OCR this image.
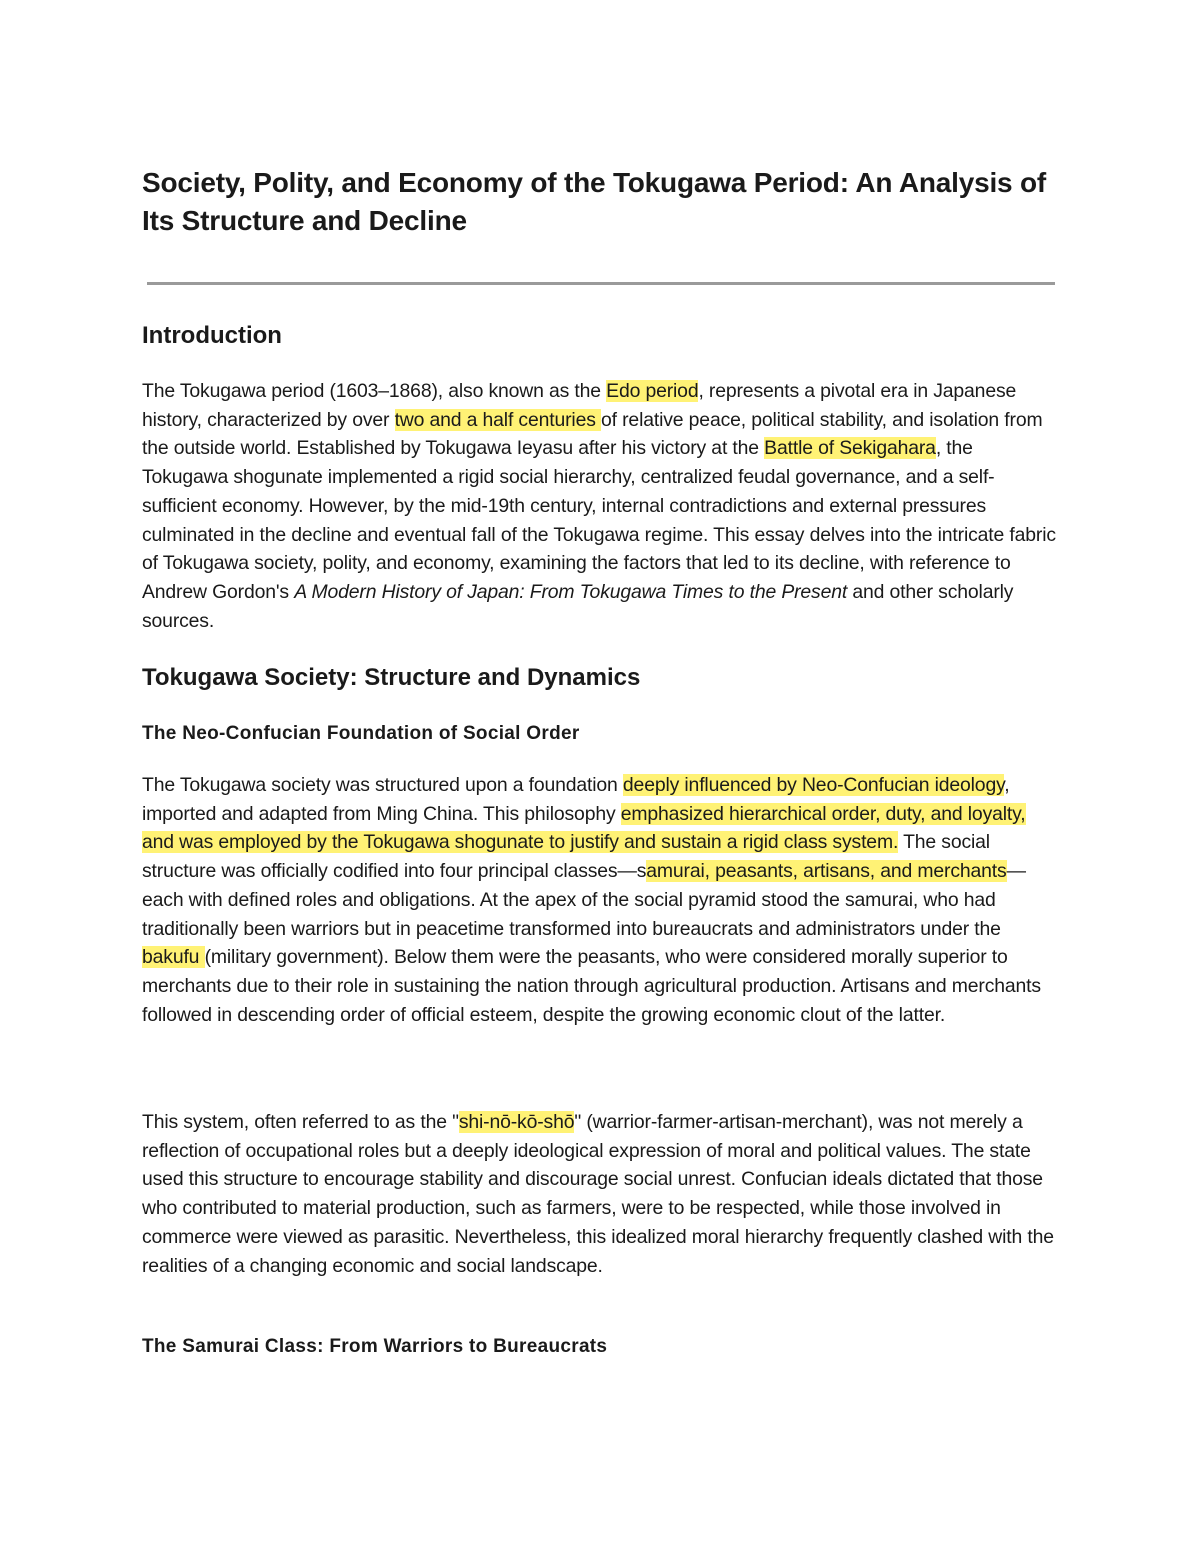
Society, Polity, and Economy of the Tokugawa Period: An Analysis of Its Structure and Decline
Introduction

The Tokugawa period (1603–1868), also known as the Edo period, represents a pivotal era in Japanese history, characterized by over two and a half centuries of relative peace, political stability, and isolation from the outside world. Established by Tokugawa Ieyasu after his victory at the Battle of Sekigahara, the Tokugawa shogunate implemented a rigid social hierarchy, centralized feudal governance, and a self-sufficient economy. However, by the mid-19th century, internal contradictions and external pressures culminated in the decline and eventual fall of the Tokugawa regime. This essay delves into the intricate fabric of Tokugawa society, polity, and economy, examining the factors that led to its decline, with reference to Andrew Gordon's A Modern History of Japan: From Tokugawa Times to the Present and other scholarly sources.

Tokugawa Society: Structure and Dynamics
The Neo-Confucian Foundation of Social Order

The Tokugawa society was structured upon a foundation deeply influenced by Neo-Confucian ideology, imported and adapted from Ming China. This philosophy emphasized hierarchical order, duty, and loyalty, and was employed by the Tokugawa shogunate to justify and sustain a rigid class system. The social structure was officially codified into four principal classes—samurai, peasants, artisans, and merchants—each with defined roles and obligations. At the apex of the social pyramid stood the samurai, who had traditionally been warriors but in peacetime transformed into bureaucrats and administrators under the bakufu (military government). Below them were the peasants, who were considered morally superior to merchants due to their role in sustaining the nation through agricultural production. Artisans and merchants followed in descending order of official esteem, despite the growing economic clout of the latter.

This system, often referred to as the "shi-nō-kō-shō" (warrior-farmer-artisan-merchant), was not merely a reflection of occupational roles but a deeply ideological expression of moral and political values. The state used this structure to encourage stability and discourage social unrest. Confucian ideals dictated that those who contributed to material production, such as farmers, were to be respected, while those involved in commerce were viewed as parasitic. Nevertheless, this idealized moral hierarchy frequently clashed with the realities of a changing economic and social landscape.

The Samurai Class: From Warriors to Bureaucrats
